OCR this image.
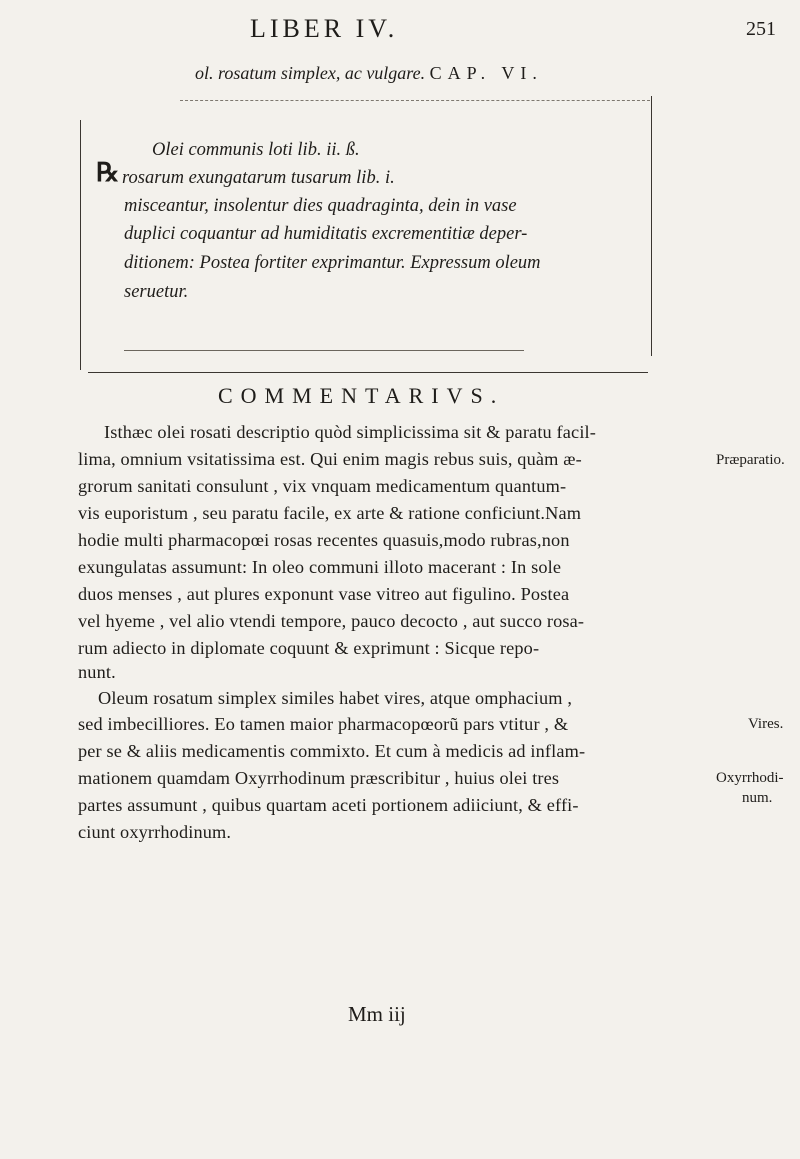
LIBER IV.	251
ol. rosatum simplex, ac vulgare. CAP. VI.
Olei communis loti lib. ii. ß.
℞ rosarum exungatarum tusarum lib. i.
misceantur, insolentur dies quadraginta, dein in vase
duplici coquantur ad humiditatis excrementitiæ deper-
ditionem: Postea fortiter exprimantur. Expressum oleum
seruetur.
COMMENTARIVS.
Isthæc olei rosati descriptio quòd simplicissima sit & paratu facil-
lima, omnium vsitatissima est. Qui enim magis rebus suis, quàm æ-
grorum sanitati consulunt , vix vnquam medicamentum quantum-
vis euporistum , seu paratu facile, ex arte & ratione conficiunt.Nam
hodie multi pharmacopœi rosas recentes quasuis,modo rubras,non
exungulatas assumunt: In oleo communi illoto macerant : In sole
duos menses , aut plures exponunt vase vitreo aut figulino. Postea
vel hyeme , vel alio vtendi tempore, pauco decocto , aut succo rosa-
rum adiecto in diplomate coquunt & exprimunt : Sicque repo-
nunt.
Oleum rosatum simplex similes habet vires, atque omphacium ,
sed imbecilliores. Eo tamen maior pharmacopœorũ pars vtitur , &
per se & aliis medicamentis commixto. Et cum à medicis ad inflam-
mationem quamdam Oxyrrhodinum præscribitur , huius olei tres
partes assumunt , quibus quartam aceti portionem adiiciunt, & effi-
ciunt oxyrrhodinum.
Præparatio.
Vires.
Oxyrrhodi-
num.
Mm iij
